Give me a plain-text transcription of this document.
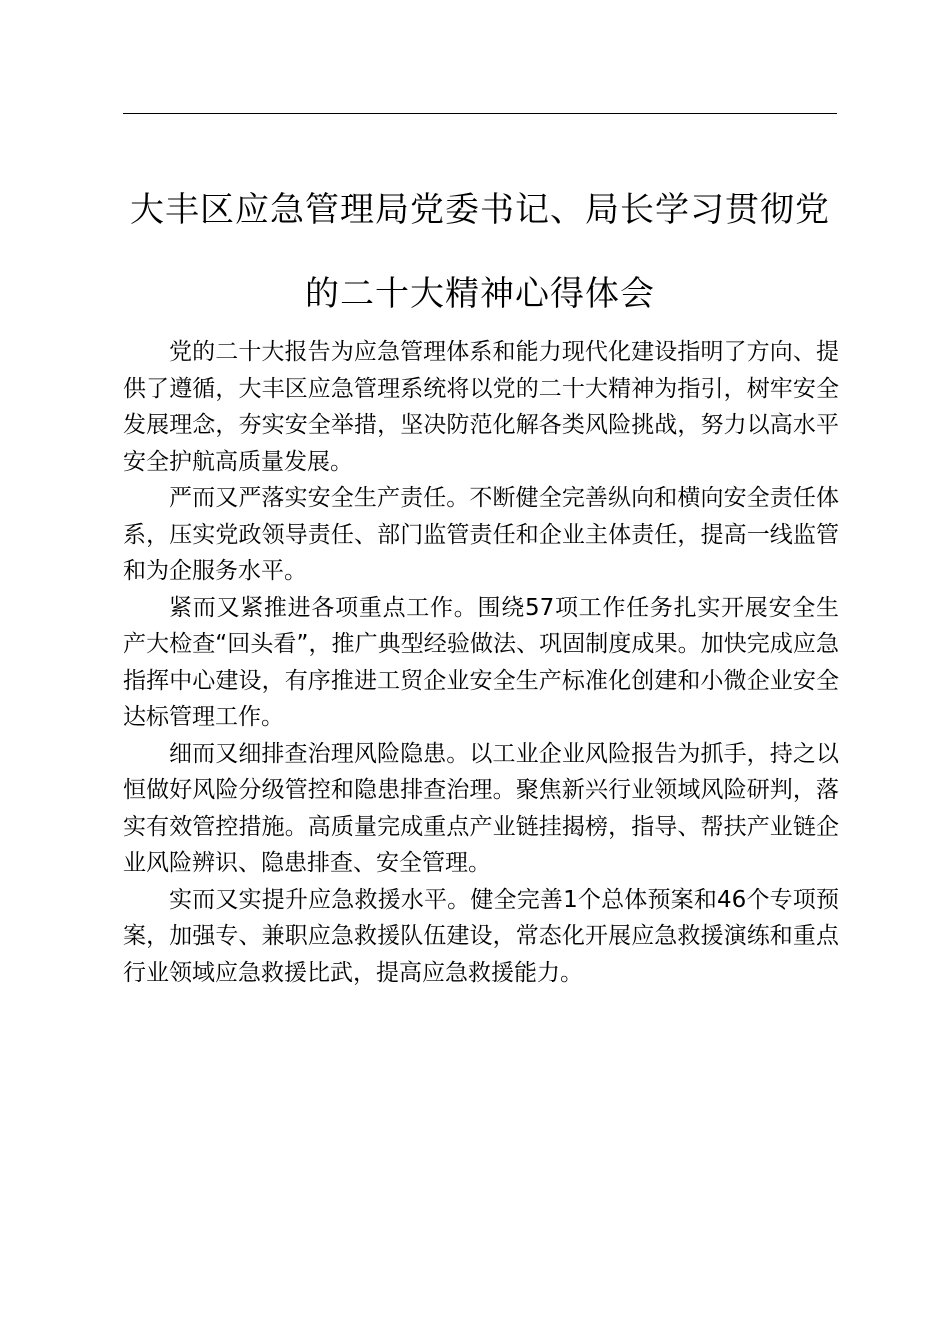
大丰区应急管理局党委书记、局长学习贯彻党
的二十大精神心得体会

党的二十大报告为应急管理体系和能力现代化建设指明了方向、提供了遵循，大丰区应急管理系统将以党的二十大精神为指引，树牢安全发展理念，夯实安全举措，坚决防范化解各类风险挑战，努力以高水平安全护航高质量发展。

严而又严落实安全生产责任。不断健全完善纵向和横向安全责任体系，压实党政领导责任、部门监管责任和企业主体责任，提高一线监管和为企服务水平。

紧而又紧推进各项重点工作。围绕57项工作任务扎实开展安全生产大检查“回头看”，推广典型经验做法、巩固制度成果。加快完成应急指挥中心建设，有序推进工贸企业安全生产标准化创建和小微企业安全达标管理工作。

细而又细排查治理风险隐患。以工业企业风险报告为抓手，持之以恒做好风险分级管控和隐患排查治理。聚焦新兴行业领域风险研判，落实有效管控措施。高质量完成重点产业链挂揭榜，指导、帮扶产业链企业风险辨识、隐患排查、安全管理。

实而又实提升应急救援水平。健全完善1个总体预案和46个专项预案，加强专、兼职应急救援队伍建设，常态化开展应急救援演练和重点行业领域应急救援比武，提高应急救援能力。
